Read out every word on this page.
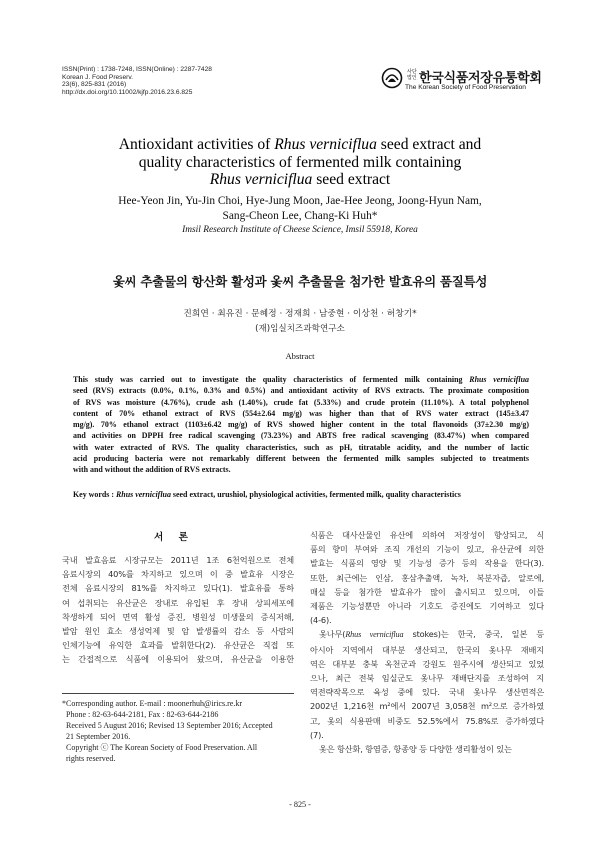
ISSN(Print) : 1738-7248, ISSN(Online) : 2287-7428
Korean J. Food Preserv.
23(6), 825-831 (2016)
http://dx.doi.org/10.11002/kjfp.2016.23.6.825
사단법인 한국식품저장유통학회
The Korean Society of Food Preservation
Antioxidant activities of Rhus verniciflua seed extract and
quality characteristics of fermented milk containing
Rhus verniciflua seed extract
Hee-Yeon Jin, Yu-Jin Choi, Hye-Jung Moon, Jae-Hee Jeong, Joong-Hyun Nam,
Sang-Cheon Lee, Chang-Ki Huh*
Imsil Research Institute of Cheese Science, Imsil 55918, Korea
옻씨 추출물의 항산화 활성과 옻씨 추출물을 첨가한 발효유의 품질특성
진희연 · 최유진 · 문혜정 · 정재희 · 남중현 · 이상천 · 허창기*
(재)임실치즈과학연구소
Abstract
This study was carried out to investigate the quality characteristics of fermented milk containing Rhus verniciflua
seed (RVS) extracts (0.0%, 0.1%, 0.3% and 0.5%) and antioxidant activity of RVS extracts. The proximate composition
of RVS was moisture (4.76%), crude ash (1.40%), crude fat (5.33%) and crude protein (11.10%). A total polyphenol
content of 70% ethanol extract of RVS (554±2.64 mg/g) was higher than that of RVS water extract (145±3.47
mg/g). 70% ethanol extract (1103±6.42 mg/g) of RVS showed higher content in the total flavonoids (37±2.30 mg/g)
and activities on DPPH free radical scavenging (73.23%) and ABTS free radical scavenging (83.47%) when compared
with water extracted of RVS. The quality characteristics, such as pH, titratable acidity, and the number of lactic
acid producing bacteria were not remarkably different between the fermented milk samples subjected to treatments
with and without the addition of RVS extracts.
Key words : Rhus verniciflua seed extract, urushiol, physiological activities, fermented milk, quality characteristics
서 론
국내 발효음료 시장규모는 2011년 1조 6천억원으로 전체
음료시장의 40%를 차지하고 있으며 이 중 발효유 시장은
전체 음료시장의 81%를 차지하고 있다(1). 발효유를 통하
여 섭취되는 유산균은 장내로 유입된 후 장내 상피세포에
착생하게 되어 면역 활성 증진, 병원성 미생물의 증식저해,
발암 원인 효소 생성억제 및 암 발생률의 감소 등 사람의
인체기능에 유익한 효과를 발휘한다(2). 유산균은 직접 또
는 간접적으로 식품에 이용되어 왔으며, 유산균을 이용한
식품은 대사산물인 유산에 의하여 저장성이 향상되고, 식
품의 향미 부여와 조직 개선의 기능이 있고, 유산균에 의한
발효는 식품의 영양 및 기능성 증가 등의 작용을 한다(3).
또한, 최근에는 인삼, 홍삼추출액, 녹차, 복분자즙, 알로에,
매실 등을 첨가한 발효유가 많이 출시되고 있으며, 이들
제품은 기능성뿐만 아니라 기호도 증진에도 기여하고 있다
(4-6).
옻나무(Rhus verniciflua stokes)는 한국, 중국, 일본 등
아시아 지역에서 대부분 생산되고, 한국의 옻나무 재배지
역은 대부분 충북 옥천군과 강원도 원주시에 생산되고 있었
으나, 최근 전북 임실군도 옻나무 재배단지를 조성하여 지
역전략작목으로 육성 중에 있다. 국내 옻나무 생산면적은
2002년 1,216천 m²에서 2007년 3,058천 m²으로 증가하였
고, 옻의 식용판매 비중도 52.5%에서 75.8%로 증가하였다
(7).
옻은 항산화, 항염증, 항종양 등 다양한 생리활성이 있는
*Corresponding author. E-mail : moonerhuh@irics.re.kr
Phone : 82-63-644-2181, Fax : 82-63-644-2186
Received 5 August 2016; Revised 13 September 2016; Accepted
21 September 2016.
Copyright ⓒ The Korean Society of Food Preservation. All
rights reserved.
- 825 -
